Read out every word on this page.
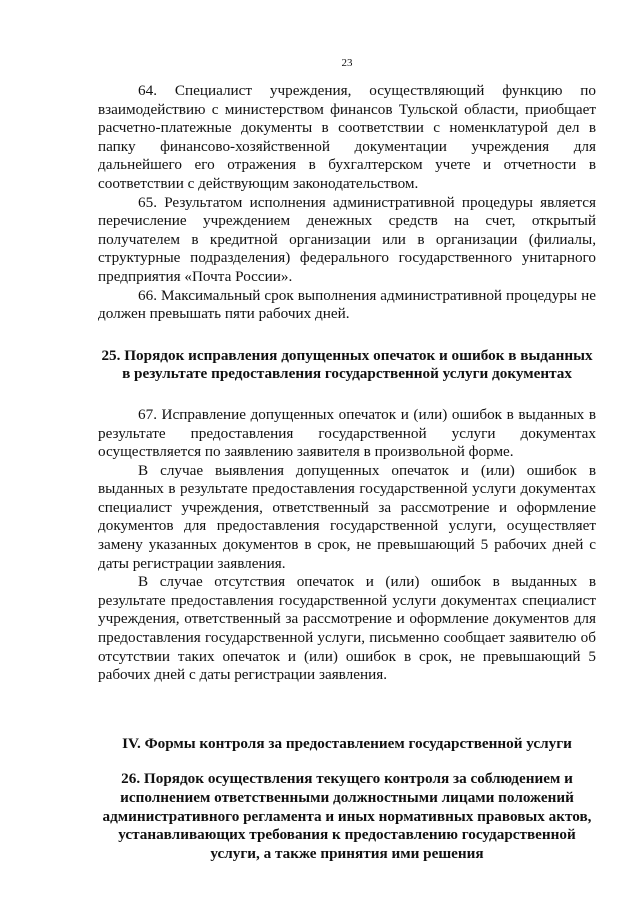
23

64. Специалист учреждения, осуществляющий функцию по взаимодействию с министерством финансов Тульской области, приобщает расчетно-платежные документы в соответствии с номенклатурой дел в папку финансово-хозяйственной документации учреждения для дальнейшего его отражения в бухгалтерском учете и отчетности в соответствии с действующим законодательством.

65. Результатом исполнения административной процедуры является перечисление учреждением денежных средств на счет, открытый получателем в кредитной организации или в организации (филиалы, структурные подразделения) федерального государственного унитарного предприятия «Почта России».

66. Максимальный срок выполнения административной процедуры не должен превышать пяти рабочих дней.

25. Порядок исправления допущенных опечаток и ошибок в выданных в результате предоставления государственной услуги документах

67. Исправление допущенных опечаток и (или) ошибок в выданных в результате предоставления государственной услуги документах осуществляется по заявлению заявителя в произвольной форме.

В случае выявления допущенных опечаток и (или) ошибок в выданных в результате предоставления государственной услуги документах специалист учреждения, ответственный за рассмотрение и оформление документов для предоставления государственной услуги, осуществляет замену указанных документов в срок, не превышающий 5 рабочих дней с даты регистрации заявления.

В случае отсутствия опечаток и (или) ошибок в выданных в результате предоставления государственной услуги документах специалист учреждения, ответственный за рассмотрение и оформление документов для предоставления государственной услуги, письменно сообщает заявителю об отсутствии таких опечаток и (или) ошибок в срок, не превышающий 5 рабочих дней с даты регистрации заявления.

IV. Формы контроля за предоставлением государственной услуги
26. Порядок осуществления текущего контроля за соблюдением и исполнением ответственными должностными лицами положений административного регламента и иных нормативных правовых актов, устанавливающих требования к предоставлению государственной услуги, а также принятия ими решения
